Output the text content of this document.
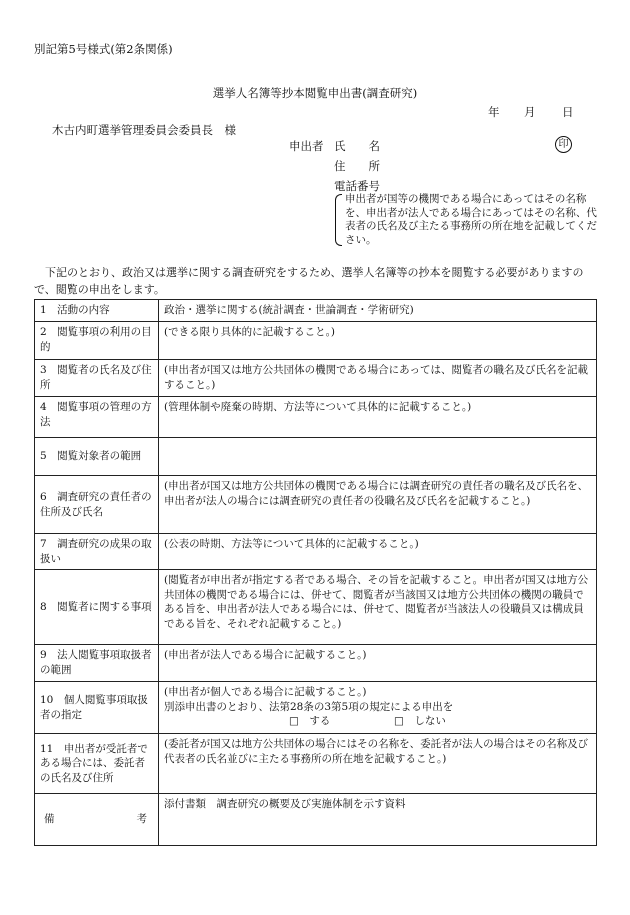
別記第5号様式(第2条関係)
選挙人名簿等抄本閲覧申出書(調査研究)
年 月 日
木古内町選挙管理委員会委員長　様
申出者 氏　　名	印
住　　所
電話番号
申出者が国等の機関である場合にあってはその名称を、申出者が法人である場合にあってはその名称、代表者の氏名及び主たる事務所の所在地を記載してください。
下記のとおり、政治又は選挙に関する調査研究をするため、選挙人名簿等の抄本を閲覧する必要がありますので、閲覧の申出をします。
1　活動の内容	政治・選挙に関する(統計調査・世論調査・学術研究)

2　閲覧事項の利用の目的	(できる限り具体的に記載すること。)

3　閲覧者の氏名及び住所	(申出者が国又は地方公共団体の機関である場合にあっては、閲覧者の職名及び氏名を記載すること。)

4　閲覧事項の管理の方法	(管理体制や廃棄の時期、方法等について具体的に記載すること。)

5　閲覧対象者の範囲	

6　調査研究の責任者の住所及び氏名	(申出者が国又は地方公共団体の機関である場合には調査研究の責任者の職名及び氏名を、申出者が法人の場合には調査研究の責任者の役職名及び氏名を記載すること。)

7　調査研究の成果の取扱い	(公表の時期、方法等について具体的に記載すること。)

8　閲覧者に関する事項	(閲覧者が申出者が指定する者である場合、その旨を記載すること。申出者が国又は地方公共団体の機関である場合には、併せて、閲覧者が当該国又は地方公共団体の機関の職員である旨を、申出者が法人である場合には、併せて、閲覧者が当該法人の役職員又は構成員である旨を、それぞれ記載すること。)

9　法人閲覧事項取扱者の範囲	(申出者が法人である場合に記載すること。)

10　個人閲覧事項取扱者の指定	(申出者が個人である場合に記載すること。)
別添申出書のとおり、法第28条の3第5項の規定による申出を
□　する □　しない

11　申出者が受託者である場合には、委託者の氏名及び住所	(委託者が国又は地方公共団体の場合にはその名称を、委託者が法人の場合はその名称及び代表者の氏名並びに主たる事務所の所在地を記載すること。)

備 考	添付書類　調査研究の概要及び実施体制を示す資料
